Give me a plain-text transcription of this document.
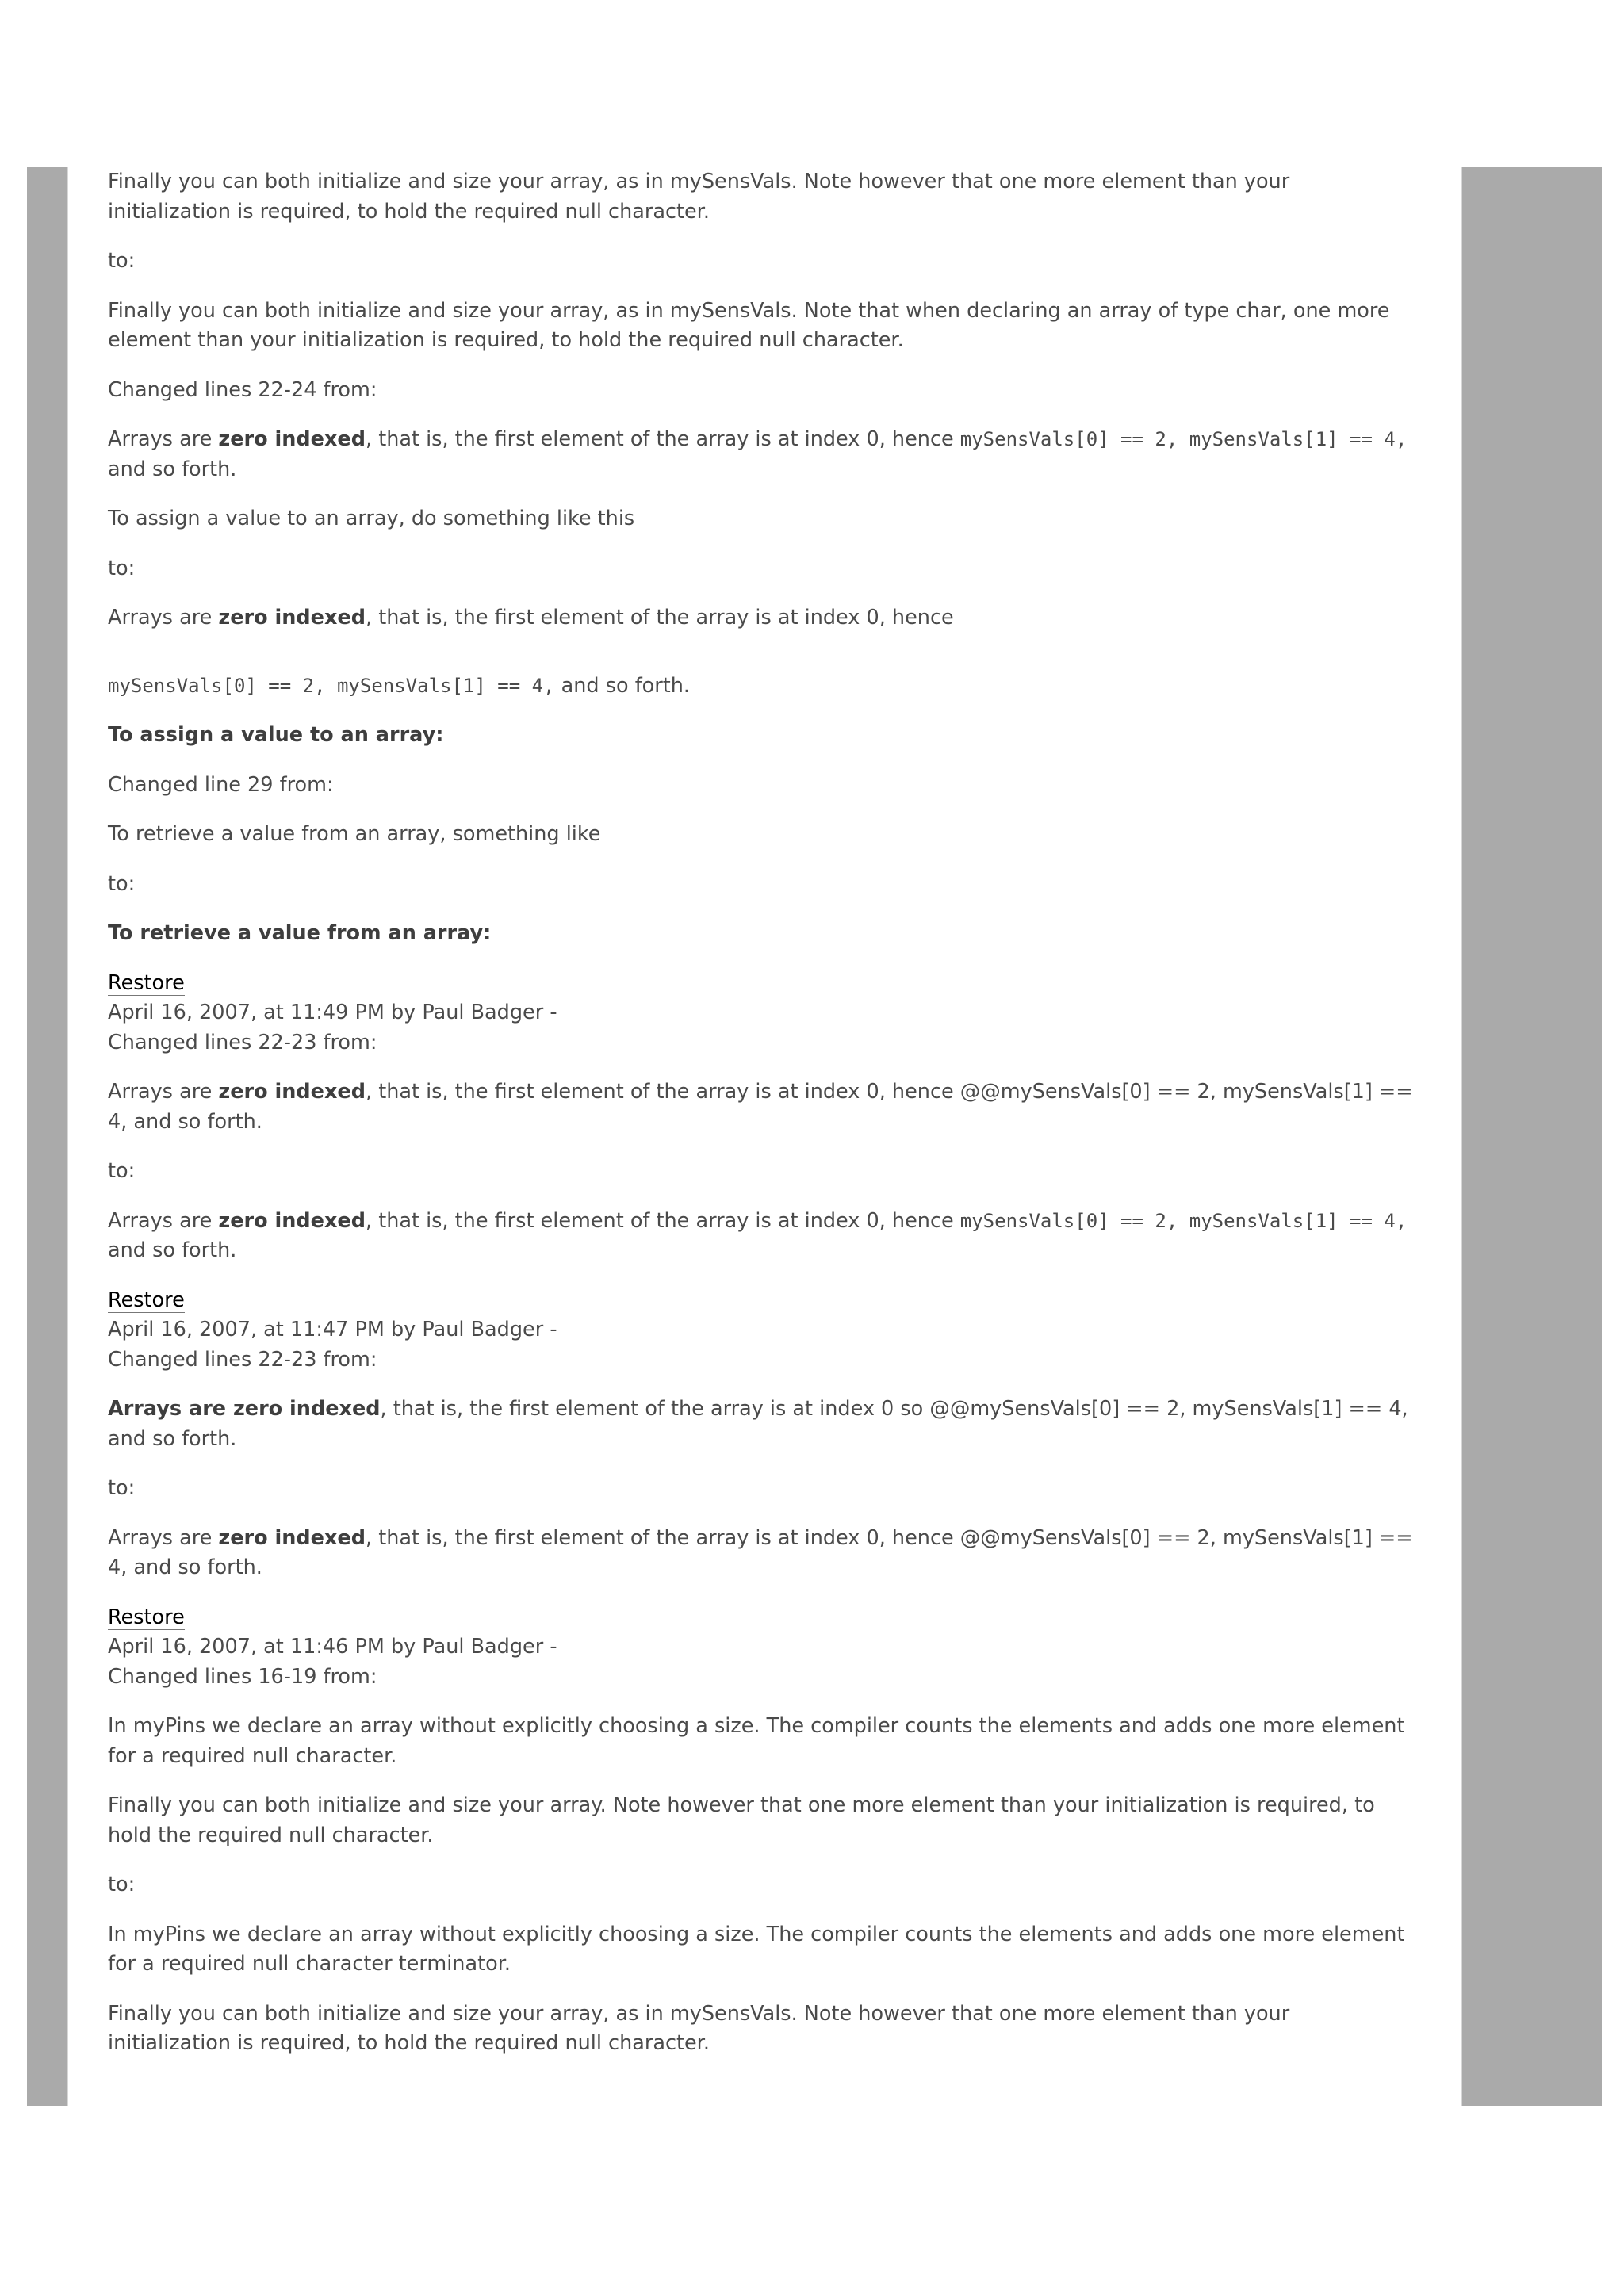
Finally you can both initialize and size your array, as in mySensVals. Note however that one more element than your initialization is required, to hold the required null character.

to:

Finally you can both initialize and size your array, as in mySensVals. Note that when declaring an array of type char, one more element than your initialization is required, to hold the required null character.

Changed lines 22-24 from:

Arrays are zero indexed, that is, the first element of the array is at index 0, hence mySensVals[0] == 2, mySensVals[1] == 4, and so forth.

To assign a value to an array, do something like this

to:

Arrays are zero indexed, that is, the first element of the array is at index 0, hence

mySensVals[0] == 2, mySensVals[1] == 4, and so forth.

To assign a value to an array:

Changed line 29 from:

To retrieve a value from an array, something like

to:

To retrieve a value from an array:

Restore
April 16, 2007, at 11:49 PM by Paul Badger -
Changed lines 22-23 from:

Arrays are zero indexed, that is, the first element of the array is at index 0, hence @@mySensVals[0] == 2, mySensVals[1] == 4, and so forth.

to:

Arrays are zero indexed, that is, the first element of the array is at index 0, hence mySensVals[0] == 2, mySensVals[1] == 4, and so forth.

Restore
April 16, 2007, at 11:47 PM by Paul Badger -
Changed lines 22-23 from:

Arrays are zero indexed, that is, the first element of the array is at index 0 so @@mySensVals[0] == 2, mySensVals[1] == 4, and so forth.

to:

Arrays are zero indexed, that is, the first element of the array is at index 0, hence @@mySensVals[0] == 2, mySensVals[1] == 4, and so forth.

Restore
April 16, 2007, at 11:46 PM by Paul Badger -
Changed lines 16-19 from:

In myPins we declare an array without explicitly choosing a size. The compiler counts the elements and adds one more element for a required null character.

Finally you can both initialize and size your array. Note however that one more element than your initialization is required, to hold the required null character.

to:

In myPins we declare an array without explicitly choosing a size. The compiler counts the elements and adds one more element for a required null character terminator.

Finally you can both initialize and size your array, as in mySensVals. Note however that one more element than your initialization is required, to hold the required null character.
